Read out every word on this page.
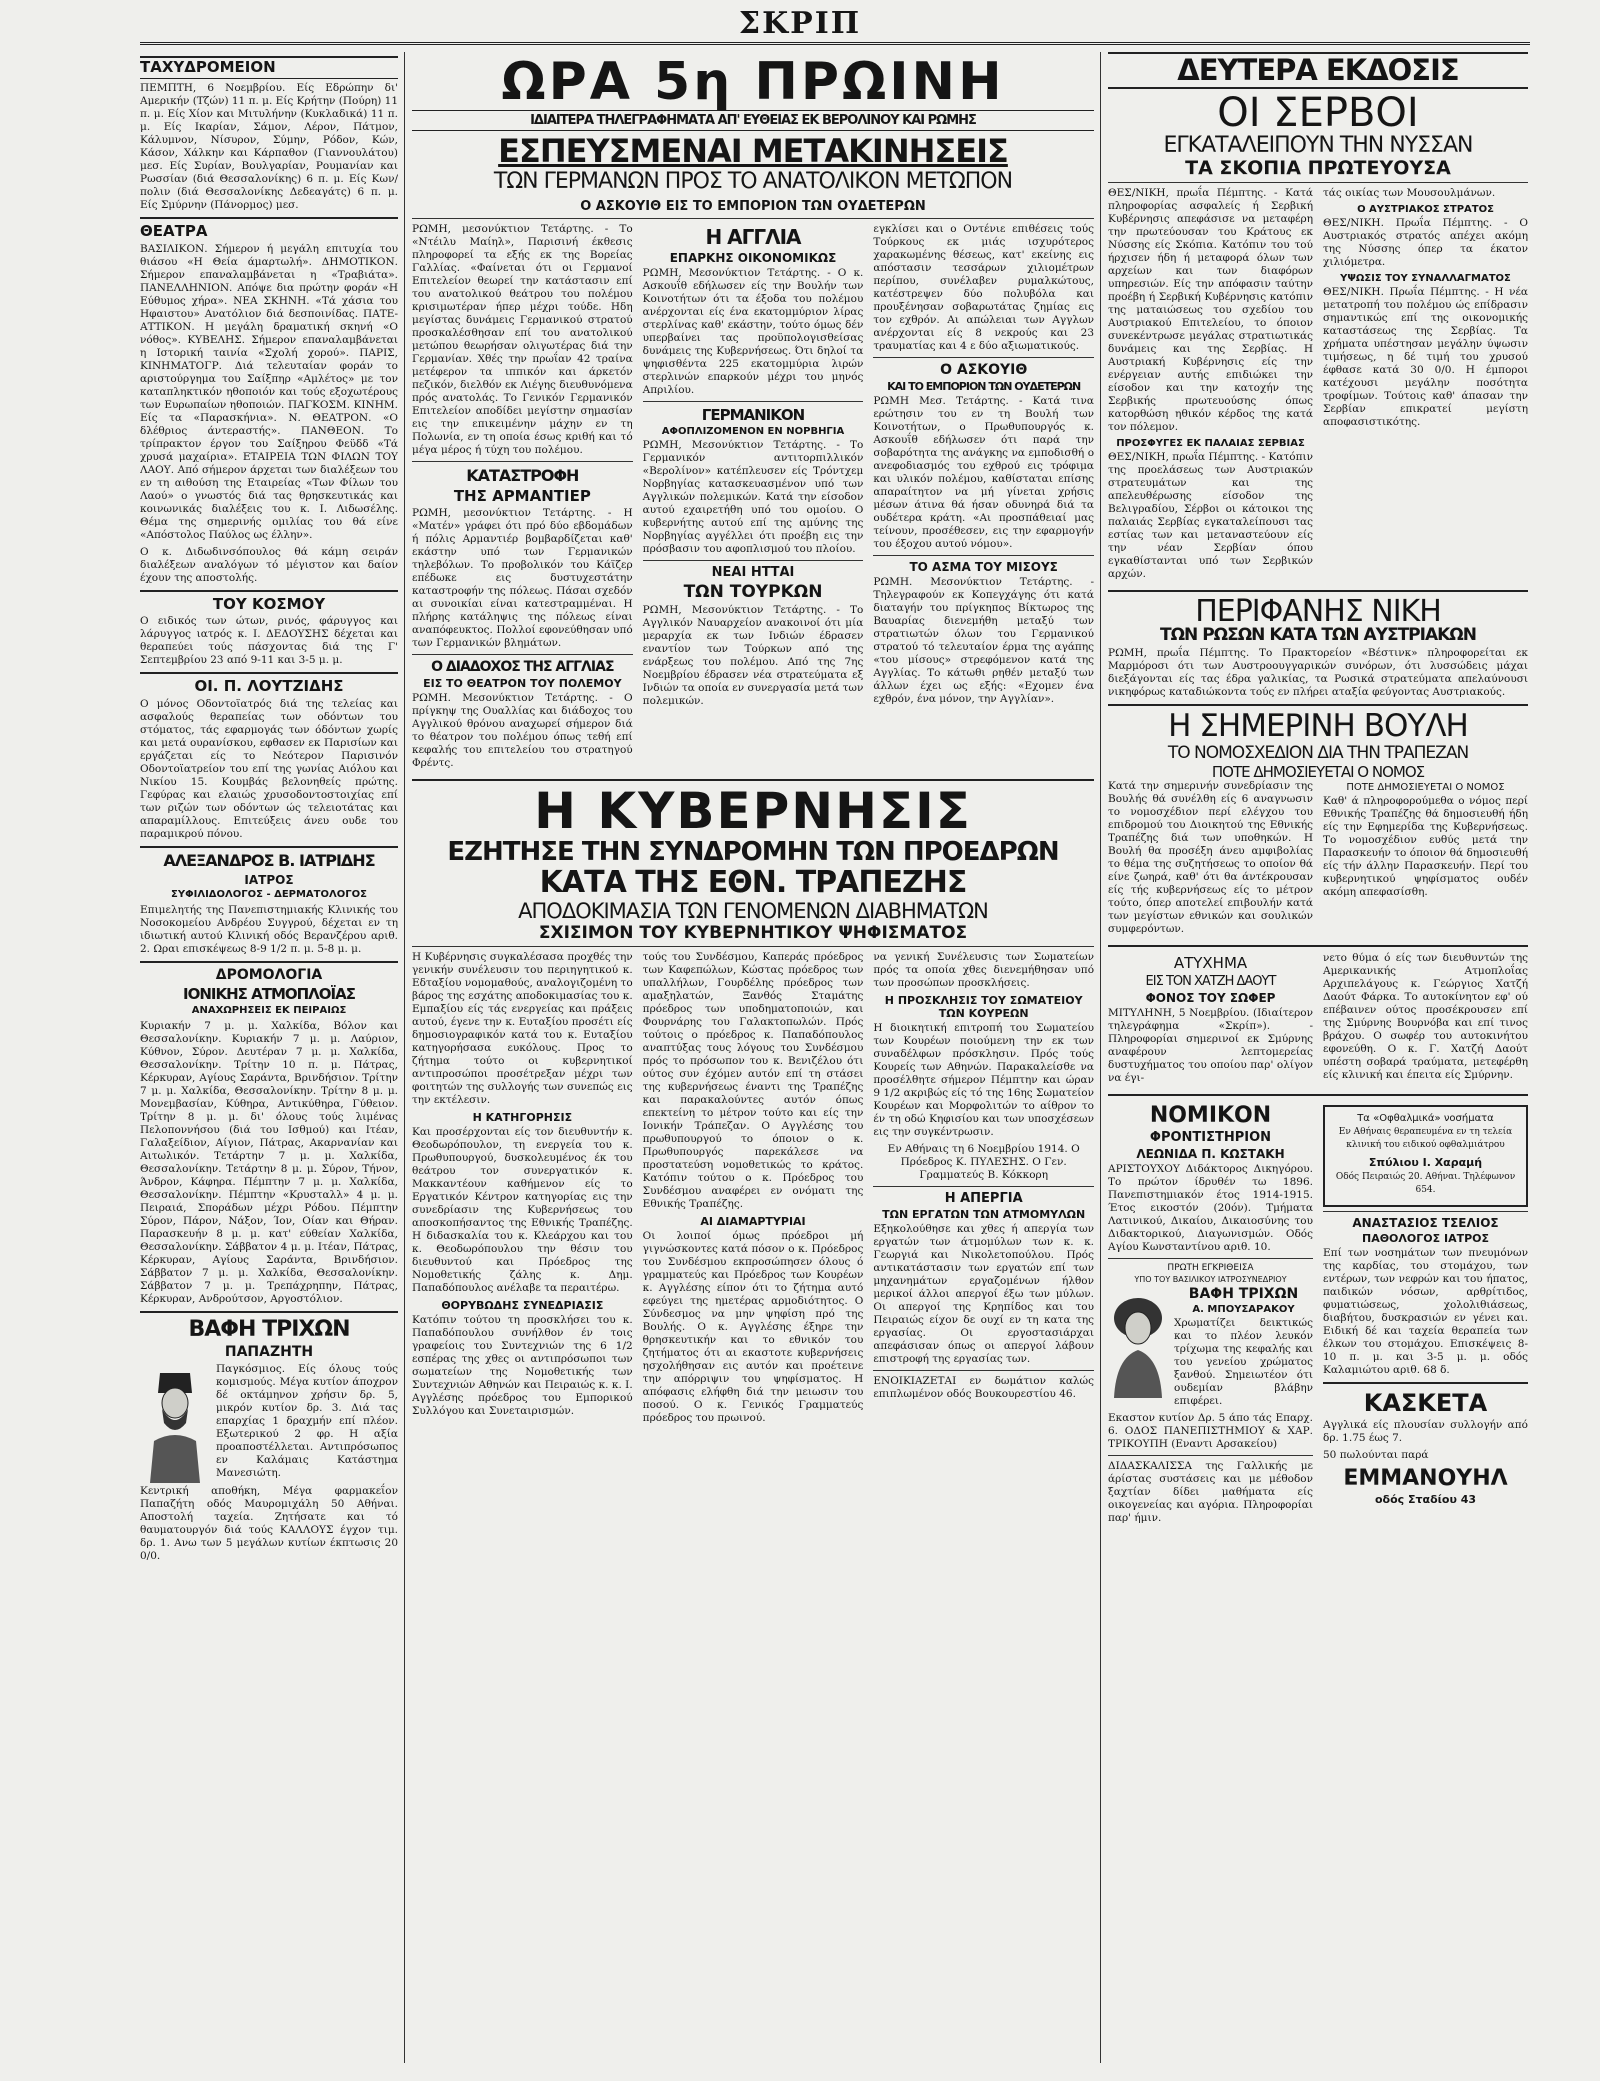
ΣΚΡΙΠ
ΤΑΧΥΔΡΟΜΕΙΟΝ

ΠΕΜΠΤΗ, 6 Νοεμβρίου. Είς Εδρώπην δι' Αμερικήν (Τζών) 11 π. μ. Είς Κρήτην (Πούρη) 11 π. μ. Είς Χίον και Μιτυλήνην (Κυκλαδικά) 11 π. μ. Είς Ικαρίαν, Σάμον, Λέρον, Πάτμον, Κάλυμνον, Νίσυρον, Σύμην, Ρόδον, Κών, Κάσον, Χάλκην και Κάρπαθον (Γιαννουλάτου) μεσ. Είς Συρίαν, Βουλγαρίαν, Ρουμανίαν και Ρωσσίαν (διά Θεσσαλονίκης) 6 π. μ. Είς Κων/πολιν (διά Θεσσαλονίκης Δεδεαγάτς) 6 π. μ. Είς Σμύρνην (Πάνορμος) μεσ.

ΘΕΑΤΡΑ

ΒΑΣΙΛΙΚΟΝ. Σήμερον ή μεγάλη επιτυχία του θιάσου «Η Θεία άμαρτωλή». ΔΗΜΟΤΙΚΟΝ. Σήμερον επαναλαμβάνεται η «Τραβιάτα». ΠΑΝΕΛΛΗΝΙΟΝ. Απόψε δια πρώτην φοράν «Η Εύθυμος χήρα». ΝΕΑ ΣΚΗΝΗ. «Τά χάσια του Ηφαιστου» Ανατόλιον διά δεσποινίδας. ΠΑΤΕ-ΑΤΤΙΚΟΝ. Η μεγάλη δραματική σκηνή «Ο νόθος». ΚΥΒΕΛΗΣ. Σήμερον επαναλαμβάνεται η Ιστορική ταινία «Σχολή χορού». ΠΑΡΙΣ, ΚΙΝΗΜΑΤΟΓΡ. Διά τελευταίαν φοράν το αριστούργημα του Σαίξπηρ «Αμλέτος» με τον καταπληκτικόν ηθοποιόν και τούς εξοχωτέρους των Ευρωπαίων ηθοποιών. ΠΑΓΚΟΣΜ. ΚΙΝΗΜ. Είς τα «Παρασκήνια». Ν. ΘΕΑΤΡΟΝ. «Ο δλέθριος άντεραστής». ΠΑΝΘΕΟΝ. Το τρίπρακτον έργον του Σαίξηρου Φεϋδδ «Τά χρυσά μαχαίρια». ΕΤΑΙΡΕΙΑ ΤΩΝ ΦΙΛΩΝ ΤΟΥ ΛΑΟΥ. Από σήμερον άρχεται των διαλέξεων του εν τη αιθούση της Εταιρείας «Των Φίλων του Λαού» ο γνωστός διά τας θρησκευτικάς και κοινωνικάς διαλέξεις του κ. Ι. Λιδωσέλης. Θέμα της σημερινής ομιλίας του θά είνε «Απόστολος Παύλος ως έλλην».

Ο κ. Διδωδινσόπουλος θά κάμη σειράν διαλέξεων αναλόγων τό μέγιστον και δαίον έχουν της αποστολής.

ΤΟΥ ΚΟΣΜΟΥ

Ο ειδικός των ώτων, ρινός, φάρυγγος και λάρυγγος ιατρός κ. Ι. ΔΕΔΟΥΣΗΣ δέχεται και θεραπεύει τούς πάσχοντας διά της Γ' Σεπτεμβρίου 23 από 9-11 και 3-5 μ. μ.

ΟΙ. Π. ΛΟΥΤΖΙΔΗΣ

Ο μόνος Οδοντοϊατρός διά της τελείας και ασφαλούς θεραπείας των οδόντων του στόματος, τάς εφαρμογάς των όδόντων χωρίς και μετά ουρανίσκου, εφθασεν εκ Παρισίων και εργάζεται είς το Νεότερον Παρισινόν Οδοντοϊατρείον του επί της γωνίας Αιόλου και Νικίου 15. Κουμβάς βελονηθείς πρώτης. Γεφύρας και ελαιώς χρυσοδοντοστοιχίας επί των ριζών των οδόντων ώς τελειοτάτας και απαραμίλλους. Επιτεύξεις άνευ ουδε του παραμικρού πόνου.

ΑΛΕΞΑΝΔΡΟΣ Β. ΙΑΤΡΙΔΗΣ
ΙΑΤΡΟΣ
ΣΥΦΙΛΙΔΟΛΟΓΟΣ - ΔΕΡΜΑΤΟΛΟΓΟΣ

Επιμελητής της Πανεπιστημιακής Κλινικής του Νοσοκομείου Ανδρέου Συγγρού, δέχεται εν τη ιδιωτική αυτού Κλινική οδός Βερανζέρου αριθ. 2. Ωραι επισκέψεως 8-9 1/2 π. μ. 5-8 μ. μ.

ΔΡΟΜΟΛΟΓΙΑ
ΙΟΝΙΚΗΣ ΑΤΜΟΠΛΟΪΑΣ
ΑΝΑΧΩΡΗΣΕΙΣ ΕΚ ΠΕΙΡΑΙΩΣ

Κυριακήν 7 μ. μ. Χαλκίδα, Βόλον και Θεσσαλονίκην. Κυριακήν 7 μ. μ. Λαύριον, Κύθνον, Σύρον. Δευτέραν 7 μ. μ. Χαλκίδα, Θεσσαλονίκην. Τρίτην 10 π. μ. Πάτρας, Κέρκυραν, Αγίους Σαράντα, Βρινδήσιον. Τρίτην 7 μ. μ. Χαλκίδα, Θεσσαλονίκην. Τρίτην 8 μ. μ. Μονεμβασίαν, Κύθηρα, Αντικύθηρα, Γύθειον. Τρίτην 8 μ. μ. δι' όλους τούς λιμένας Πελοποννήσου (διά του Ισθμού) και Ιτέαν, Γαλαξείδιον, Αίγιον, Πάτρας, Ακαρνανίαν και Αιτωλικόν. Τετάρτην 7 μ. μ. Χαλκίδα, Θεσσαλονίκην. Τετάρτην 8 μ. μ. Σύρον, Τήνον, Άνδρον, Κάφηρα. Πέμπτην 7 μ. μ. Χαλκίδα, Θεσσαλονίκην. Πέμπτην «Κρυσταλλ» 4 μ. μ. Πειραιά, Σποράδων μέχρι Ρόδου. Πέμπτην Σύρον, Πάρον, Νάξον, Ίον, Οίαν και Θήραν. Παρασκευήν 8 μ. μ. κατ' εύθείαν Χαλκίδα, Θεσσαλονίκην. Σάββατον 4 μ. μ. Ιτέαν, Πάτρας, Κέρκυραν, Αγίους Σαράντα, Βρινδήσιον. Σάββατον 7 μ. μ. Χαλκίδα, Θεσσαλονίκην. Σάββατον 7 μ. μ. Τρεπάχρηπην, Πάτρας, Κέρκυραν, Ανδρούτσον, Αργοστόλιον.

ΒΑΦΗ ΤΡΙΧΩΝ
ΠΑΠΑΖΗΤΗ

Παγκόσμιος. Είς όλους τούς κομισμούς. Μέγα κυτίον άποχρον δέ οκτάμηνον χρήσιν δρ. 5, μικρόν κυτίον δρ. 3. Διά τας επαρχίας 1 δραχμήν επί πλέον. Εξωτερικού 2 φρ. Η αξία προαποστέλλεται. Αντιπρόσωπος εν Καλάμαις Κατάστημα Μανεσιώτη.

Κεντρική αποθήκη, Μέγα φαρμακεΐον Παπαζήτη οδός Μαυρομιχάλη 50 Αθήναι. Αποστολή ταχεία. Ζητήσατε και τό θαυματουργόν διά τούς ΚΑΛΛΟΥΣ έγχον τιμ. δρ. 1. Ανω των 5 μεγάλων κυτίων έκπτωσις 20 0/0.

ΩΡΑ 5η ΠΡΩΙΝΗ
ΙΔΙΑΙΤΕΡΑ ΤΗΛΕΓΡΑΦΗΜΑΤΑ ΑΠ' ΕΥΘΕΙΑΣ ΕΚ ΒΕΡΟΛΙΝΟΥ ΚΑΙ ΡΩΜΗΣ
ΕΣΠΕΥΣΜΕΝΑΙ ΜΕΤΑΚΙΝΗΣΕΙΣ
ΤΩΝ ΓΕΡΜΑΝΩΝ ΠΡΟΣ ΤΟ ΑΝΑΤΟΛΙΚΟΝ ΜΕΤΩΠΟΝ
Ο ΑΣΚΟΥΙΘ ΕΙΣ ΤΟ ΕΜΠΟΡΙΟΝ ΤΩΝ ΟΥΔΕΤΕΡΩΝ

ΡΩΜΗ, μεσονύκτιον Τετάρτης. - Το «Ντέιλυ Μαίηλ», Παρισινή έκθεσις πληροφορεί τα εξής εκ της Βορείας Γαλλίας. «Φαίνεται ότι οι Γερμανοί Επιτελείον θεωρεί την κατάστασιν επί του ανατολικού θεάτρου του πολέμου κρισιμωτέραν ήπερ μέχρι τούδε. Ηδη μεγίστας δυνάμεις Γερμανικού στρατού προσκαλέσθησαν επί του ανατολικού μετώπου θεωρήσαν ολιγωτέρας διά την Γερμανίαν. Χθές την πρωΐαν 42 τραίνα μετέφερον τα ιππικόν και άρκετόν πεζικόν, διελθόν εκ Λιέγης διευθυνόμενα πρός ανατολάς. Το Γενικόν Γερμανικόν Επιτελείον αποδίδει μεγίστην σημασίαν εις την επικειμένην μάχην εν τη Πολωνία, εν τη οποία έσως κριθή και τό μέγα μέρος ή τύχη του πολέμου.

ΚΑΤΑΣΤΡΟΦΗ
ΤΗΣ ΑΡΜΑΝΤΙΕΡ

ΡΩΜΗ, μεσονύκτιον Τετάρτης. - Η «Ματέν» γράφει ότι πρό δύο εβδομάδων ή πόλις Αρμαντιέρ βομβαρδίζεται καθ' εκάστην υπό των Γερμανικών τηλεβόλων. Το προβολικόν του Κάϊζερ επέδωκε εις δυστυχεστάτην καταστροφήν της πόλεως. Πάσαι σχεδόν αι συνοικίαι είναι κατεστραμμέναι. Η πλήρης κατάληψις της πόλεως είναι αναπόφευκτος. Πολλοί εφονεύθησαν υπό των Γερμανικών βλημάτων.

Ο ΔΙΑΔΟΧΟΣ ΤΗΣ ΑΓΓΛΙΑΣ
ΕΙΣ ΤΟ ΘΕΑΤΡΟΝ ΤΟΥ ΠΟΛΕΜΟΥ

ΡΩΜΗ. Μεσονύκτιον Τετάρτης. - Ο πρίγκηψ της Ουαλλίας και διάδοχος του Αγγλικού θρόνου αναχωρεί σήμερον διά το θέατρον του πολέμου όπως τεθή επί κεφαλής του επιτελείου του στρατηγού Φρέντς.

Η ΑΓΓΛΙΑ
ΕΠΑΡΚΗΣ ΟΙΚΟΝΟΜΙΚΩΣ

ΡΩΜΗ, Μεσονύκτιον Τετάρτης. - Ο κ. Ασκουΐθ εδήλωσεν είς την Βουλήν των Κοινοτήτων ότι τα έξοδα του πολέμου ανέρχονται είς ένα εκατομμύριον λίρας στερλίνας καθ' εκάστην, τούτο όμως δέν υπερβαίνει τας προϋπολογισθείσας δυνάμεις της Κυβερνήσεως. Ότι δηλοί τα ψηφισθέντα 225 εκατομμύρια λιρών στερλινών επαρκούν μέχρι του μηνός Απριλίου.

ΓΕΡΜΑΝΙΚΟΝ
ΑΦΟΠΛΙΖΟΜΕΝΟΝ ΕΝ ΝΟΡΒΗΓΙΑ

ΡΩΜΗ, Μεσονύκτιον Τετάρτης. - Το Γερμανικόν αντιτορπιλλικόν «Βερολίνον» κατέπλευσεν είς Τρόντχεμ Νορβηγίας κατασκευασμένον υπό των Αγγλικών πολεμικών. Κατά την είσοδον αυτού εχαιρετήθη υπό του ομοίου. Ο κυβερνήτης αυτού επί της αμύνης της Νορβηγίας αγγέλλει ότι προέβη εις την πρόσβασιν του αφοπλισμού του πλοίου.

ΝΕΑΙ ΗΤΤΑΙ
ΤΩΝ ΤΟΥΡΚΩΝ

ΡΩΜΗ, Μεσονύκτιον Τετάρτης. - Το Αγγλικόν Ναυαρχείον ανακοινοί ότι μία μεραρχία εκ των Ινδιών έδρασεν εναντίον των Τούρκων από της ενάρξεως του πολέμου. Από της 7ης Νοεμβρίου έδρασεν νέα στρατεύματα εξ Ινδιών τα οποία εν συνεργασία μετά των πολεμικών.

εγκλίσει και ο Οντένιε επιθέσεις τούς Τούρκους εκ μιάς ισχυρότερος χαρακωμένης θέσεως, κατ' εκείνης εις απόστασιν τεσσάρων χιλιομέτρων περίπου, συνέλαβεν ρυμαλκώτους, κατέστρεψεν δύο πολυβόλα και προυξένησαν σοβαρωτάτας ζημίας εις τον εχθρόν. Αι απώλειαι των Αγγλων ανέρχονται είς 8 νεκρούς και 23 τραυματίας και 4 ε δύο αξιωματικούς.

Ο ΑΣΚΟΥΙΘ
ΚΑΙ ΤΟ ΕΜΠΟΡΙΟΝ ΤΩΝ ΟΥΔΕΤΕΡΩΝ

ΡΩΜΗ Μεσ. Τετάρτης. - Κατά τινα ερώτησιν του εν τη Βουλή των Κοινοτήτων, ο Πρωθυπουργός κ. Ασκουΐθ εδήλωσεν ότι παρά την σοβαρότητα της ανάγκης να εμποδισθή ο ανεφοδιασμός του εχθρού εις τρόφιμα και υλικόν πολέμου, καθίσταται επίσης απαραίτητον να μή γίνεται χρήσις μέσων άτινα θά ήσαν οδυνηρά διά τα ουδέτερα κράτη. «Αι προσπάθειαί μας τείνουν, προσέθεσεν, εις την εφαρμογήν του έξοχου αυτού νόμου».

ΤΟ ΑΣΜΑ ΤΟΥ ΜΙΣΟΥΣ

ΡΩΜΗ. Μεσονύκτιον Τετάρτης. - Τηλεγραφούν εκ Κοπεγχάγης ότι κατά διαταγήν του πρίγκηπος Βίκτωρος της Βαυαρίας διενεμήθη μεταξύ των στρατιωτών όλων του Γερμανικού στρατού τό τελευταίον έρμα της αγάπης «του μίσους» στρεφόμενον κατά της Αγγλίας. Το κάτωθι ρηθέν μεταξύ των άλλων έχει ως εξής: «Εχομεν ένα εχθρόν, ένα μόνον, την Αγγλίαν».

Η ΚΥΒΕΡΝΗΣΙΣ
ΕΖΗΤΗΣΕ ΤΗΝ ΣΥΝΔΡΟΜΗΝ ΤΩΝ ΠΡΟΕΔΡΩΝ
ΚΑΤΑ ΤΗΣ ΕΘΝ. ΤΡΑΠΕΖΗΣ
ΑΠΟΔΟΚΙΜΑΣΙΑ ΤΩΝ ΓΕΝΟΜΕΝΩΝ ΔΙΑΒΗΜΑΤΩΝ
ΣΧΙΣΙΜΟΝ ΤΟΥ ΚΥΒΕΡΝΗΤΙΚΟΥ ΨΗΦΙΣΜΑΤΟΣ

Η Κυβέρνησις συγκαλέσασα προχθές την γενικήν συνέλευσιν του περιηγητικού κ. Εδταξίου νομομαθούς, αναλογιζομένη το βάρος της εσχάτης αποδοκιμασίας του κ. Εμπαξίου είς τάς ενεργείας και πράξεις αυτού, έγενε την κ. Ευταξίου προσέτι είς δημοσιογραφικόν κατά του κ. Ευταξίου κατηγορήσασα ευκόλους. Προς το ζήτημα τούτο οι κυβερνητικοί αντιπροσώποι προσέτρεξαν μέχρι των φοιτητών της συλλογής των συνεπώς εις την εκτέλεσιν.

Η ΚΑΤΗΓΟΡΗΣΙΣ

Και προσέρχονται είς τον διευθυντήν κ. Θεοδωρόπουλον, τη ενεργεία του κ. Πρωθυπουργού, δυσκολευμένος έκ του θεάτρου τον συνεργατικόν κ. Μακκαντέουν καθήμενον είς το Εργατικόν Κέντρον κατηγορίας εις την συνεδρίασιν της Κυβερνήσεως του αποσκοπήσαντος της Εθνικής Τραπέζης. Η διδασκαλία του κ. Κλεάρχου και του κ. Θεοδωρόπουλου την θέσιν του διευθυντού και Πρόεδρος της Νομοθετικής ζάλης κ. Δημ. Παπαδόπουλος ανέλαβε τα περαιτέρω.

ΘΟΡΥΒΩΔΗΣ ΣΥΝΕΔΡΙΑΣΙΣ

Κατόπιν τούτου τη προσκλήσει του κ. Παπαδόπουλου συνήλθον έν τοις γραφείοις του Συντεχνιών της 6 1/2 εσπέρας της χθες οι αντιπρόσωποι των σωματείων της Νομοθετικής των Συντεχνιών Αθηνών και Πειραιώς κ. κ. Ι. Αγγλέσης πρόεδρος του Εμπορικού Συλλόγου και Συνεταιρισμών.

τούς του Συνδέσμου, Καπεράς πρόεδρος των Καφεπώλων, Κώστας πρόεδρος των υπαλλήλων, Γουρδέλης πρόεδρος των αμαξηλατών, Ξανθός Σταμάτης πρόεδρος των υποδηματοποιών, και Φουρνάρης του Γαλακτοπωλών. Πρός τούτοις ο πρόεδρος κ. Παπαδόπουλος αναπτύξας τους λόγους του Συνδέσμου πρός το πρόσωπον του κ. Βενιζέλου ότι ούτος συν έχόμεν αυτόν επί τη στάσει της κυβερνήσεως έναντι της Τραπέζης και παρακαλούντες αυτόν όπως επεκτείνη το μέτρον τούτο και είς την Ιονικήν Τράπεζαν. Ο Αγγλέσης του πρωθυπουργού το όποιον ο κ. Πρωθυπουργός παρεκάλεσε να προστατεύση νομοθετικώς το κράτος. Κατόπιν τούτου ο κ. Πρόεδρος του Συνδέσμου αναφέρει εν ονόματι της Εθνικής Τραπέζης.

ΑΙ ΔΙΑΜΑΡΤΥΡΙΑΙ

Οι λοιποί όμως πρόεδροι μή γιγνώσκοντες κατά πόσον ο κ. Πρόεδρος του Συνδέσμου εκπροσώπησεν όλους ό γραμματεύς και Πρόεδρος των Κουρέων κ. Αγγλέσης είπον ότι το ζήτημα αυτό εφεύγει της ημετέρας αρμοδιότητος. Ο Σύνδεσμος να μην ψηφίση πρό της Βουλής. Ο κ. Αγγλέσης έξηρε την θρησκευτικήν και το εθνικόν του ζητήματος ότι αι εκαστοτε κυβερνήσεις ησχολήθησαν εις αυτόν και προέτεινε την απόρριψιν του ψηφίσματος. Η απόφασις ελήφθη διά την μειωσιν του ποσού. Ο κ. Γενικός Γραμματεύς πρόεδρος του πρωινού.

να γενική Συνέλευσις των Σωματείων πρός τα οποία χθες διενεμήθησαν υπό των προσώπων προσκλήσεις.

Η ΠΡΟΣΚΛΗΣΙΣ ΤΟΥ ΣΩΜΑΤΕΙΟΥ ΤΩΝ ΚΟΥΡΕΩΝ

Η διοικητική επιτροπή του Σωματείου των Κουρέων ποιούμενη την εκ των συναδέλφων πρόσκλησιν. Πρός τούς Κουρείς των Αθηνών. Παρακαλείσθε να προσέλθητε σήμερον Πέμπτην και ώραν 9 1/2 ακριβώς είς τό της 16ης Σωματείον Κουρέων και Μορφολιτών το αίθρον το έν τη οδώ Κηφισίου και των υποσχέσεων εις την συγκέντρωσιν.

Εν Αθήναις τη 6 Νοεμβρίου 1914. Ο Πρόεδρος Κ. ΠΥΛΕΣΗΣ. Ο Γεν. Γραμματεύς Β. Κόκκορη

Η ΑΠΕΡΓΙΑ
ΤΩΝ ΕΡΓΑΤΩΝ ΤΩΝ ΑΤΜΟΜΥΛΩΝ

Εξηκολούθησε και χθες ή απεργία των εργατών των άτμομύλων των κ. κ. Γεωργιά και Νικολετοπούλου. Πρός αντικατάστασιν των εργατών επί των μηχανημάτων εργαζομένων ήλθον μερικοί άλλοι απεργοί έξω των μύλων. Οι απεργοί της Κρηπίδος και του Πειραιώς είχον δε ουχί εν τη κατα της εργασίας. Οι εργοστασιάρχαι απεφάσισαν όπως οι απεργοί λάβουν επιστροφή της εργασίας των.

ΕΝΟΙΚΙΑΖΕΤΑΙ εν δωμάτιον καλώς επιπλωμένον οδός Βουκουρεστίου 46.

ΔΕΥΤΕΡΑ ΕΚΔΟΣΙΣ
ΟΙ ΣΕΡΒΟΙ
ΕΓΚΑΤΑΛΕΙΠΟΥΝ ΤΗΝ ΝΥΣΣΑΝ
ΤΑ ΣΚΟΠΙΑ ΠΡΩΤΕΥΟΥΣΑ

ΘΕΣ/ΝΙΚΗ, πρωΐα Πέμπτης. - Κατά πληροφορίας ασφαλείς ή Σερβική Κυβέρνησις απεφάσισε να μεταφέρη την πρωτεύουσαν του Κράτους εκ Νύσσης είς Σκόπια. Κατόπιν του τού ήρχισεν ήδη ή μεταφορά όλων των αρχείων και των διαφόρων υπηρεσιών. Είς την απόφασιν ταύτην προέβη ή Σερβική Κυβέρνησις κατόπιν της ματαιώσεως του σχεδίου του Αυστριακού Επιτελείου, το όποιον συνεκέντρωσε μεγάλας στρατιωτικάς δυνάμεις και της Σερβίας. Η Αυστριακή Κυβέρνησις είς την ενέργειαν αυτής επιδιώκει την είσοδον και την κατοχήν της Σερβικής πρωτευούσης όπως κατορθώση ηθικόν κέρδος της κατά τον πόλεμον.

ΠΡΟΣΦΥΓΕΣ ΕΚ ΠΑΛΑΙΑΣ ΣΕΡΒΙΑΣ

ΘΕΣ/ΝΙΚΗ, πρωΐα Πέμπτης. - Κατόπιν της προελάσεως των Αυστριακών στρατευμάτων και της απελευθέρωσης είσοδον της Βελιγραδίου, Σέρβοι οι κάτοικοι της παλαιάς Σερβίας εγκαταλείπουσι τας εστίας των και μεταναστεύουν είς την νέαν Σερβίαν όπου εγκαθίστανται υπό των Σερβικών αρχών.

τάς οικίας των Μουσουλμάνων.

Ο ΑΥΣΤΡΙΑΚΟΣ ΣΤΡΑΤΟΣ

ΘΕΣ/ΝΙΚΗ. Πρωΐα Πέμπτης. - Ο Αυστριακός στρατός απέχει ακόμη της Νύσσης όπερ τα έκατον χιλιόμετρα.

ΥΨΩΣΙΣ ΤΟΥ ΣΥΝΑΛΛΑΓΜΑΤΟΣ

ΘΕΣ/ΝΙΚΗ. Πρωΐα Πέμπτης. - Η νέα μετατροπή του πολέμου ώς επίδρασιν σημαντικώς επί της οικονομικής καταστάσεως της Σερβίας. Τα χρήματα υπέστησαν μεγάλην ύψωσιν τιμήσεως, η δέ τιμή του χρυσού έφθασε κατά 30 0/0. Η έμποροι κατέχουσι μεγάλην ποσότητα τροφίμων. Τούτοις καθ' άπασαν την Σερβίαν επικρατεί μεγίστη αποφασιστικότης.

ΠΕΡΙΦΑΝΗΣ ΝΙΚΗ
ΤΩΝ ΡΩΣΩΝ ΚΑΤΑ ΤΩΝ ΑΥΣΤΡΙΑΚΩΝ

ΡΩΜΗ, πρωΐα Πέμπτης. Το Πρακτορείον «Βέστινκ» πληροφορείται εκ Μαρμόροσι ότι των Αυστροουγγαρικών συνόρων, ότι λυσσώδεις μάχαι διεξάγονται είς τας έδρα γαλικίας, τα Ρωσικά στρατεύματα απελαύνουσι νικηφόρως καταδιώκοντα τούς εν πλήρει αταξία φεύγοντας Αυστριακούς.

Η ΣΗΜΕΡΙΝΗ ΒΟΥΛΗ
ΤΟ ΝΟΜΟΣΧΕΔΙΟΝ ΔΙΑ ΤΗΝ ΤΡΑΠΕΖΑΝ
ΠΟΤΕ ΔΗΜΟΣΙΕΥΕΤΑΙ Ο ΝΟΜΟΣ

Κατά την σημερινήν συνεδρίασιν της Βουλής θά συνέλθη είς 6 αναγνωσιν το νομοσχέδιον περί ελέγχου του επιδρομού του Διοικητού της Εθνικής Τραπέζης διά των υποθηκών. Η Βουλή θα προσέξη άνευ αμφιβολίας το θέμα της συζητήσεως το οποίον θά είνε ζωηρά, καθ' ότι θα άντέκρουσαν είς τής κυβερνήσεως είς το μέτρον τούτο, όπερ αποτελεί επιβουλήν κατά των μεγίστων εθνικών και σουλικών συμφερόντων.

ΠΟΤΕ ΔΗΜΟΣΙΕΥΕΤΑΙ Ο ΝΟΜΟΣ

Καθ' ά πληροφορούμεθα ο νόμος περί Εθνικής Τραπέζης θά δημοσιευθή ήδη είς την Εφημερίδα της Κυβερνήσεως. Το νομοσχέδιον ευθύς μετά την Παρασκευήν το όποιον θά δημοσιευθή είς τήν άλλην Παρασκευήν. Περί του κυβερνητικού ψηφίσματος ουδέν ακόμη απεφασίσθη.

ΑΤΥΧΗΜΑ
ΕΙΣ ΤΟΝ ΧΑΤΖΗ ΔΑΟΥΤ
ΦΟΝΟΣ ΤΟΥ ΣΩΦΕΡ

ΜΙΤΥΛΗΝΗ, 5 Νοεμβρίου. (Ιδιαίτερον τηλεγράφημα «Σκρίπ»). - Πληροφορίαι σημερινοί εκ Σμύρνης αναφέρουν λεπτομερείας δυστυχήματος του οποίου παρ' ολίγον να έγι-

νετο θύμα ό είς των διευθυντών της Αμερικανικής Ατμοπλοΐας Αρχιπελάγους κ. Γεώργιος Χατζή Δαούτ Φάρκα. Το αυτοκίνητον εφ' ού επέβαινεν ούτος προσέκρουσεν επί της Σμύρνης Βουρνόβα και επί τινος βράχου. Ο σωφέρ του αυτοκινήτου εφονεύθη. Ο κ. Γ. Χατζή Δαούτ υπέστη σοβαρά τραύματα, μετεφέρθη είς κλινική και έπειτα είς Σμύρνην.

ΝΟΜΙΚΟΝ
ΦΡΟΝΤΙΣΤΗΡΙΟΝ
ΛΕΩΝΙΔΑ Π. ΚΩΣΤΑΚΗ

ΑΡΙΣΤΟΥΧΟΥ Διδάκτορος Δικηγόρου. Το πρώτον ίδρυθέν τω 1896. Πανεπιστημιακόν έτος 1914-1915. Έτος εικοστόν (20όν). Τμήματα Λατινικού, Δικαίου, Δικαιοσύνης του Διδακτορικού, Διαγωνισμών. Οδός Αγίου Κωνσταντίνου αριθ. 10.

ΠΡΩΤΗ ΕΓΚΡΙΘΕΙΣΑ
ΥΠΟ ΤΟΥ ΒΑΣΙΛΙΚΟΥ ΙΑΤΡΟΣΥΝΕΔΡΙΟΥ
ΒΑΦΗ ΤΡΙΧΩΝ
Α. ΜΠΟΥΣΑΡΑΚΟΥ

Χρωματίζει δεικτικώς και το πλέον λευκόν τρίχωμα της κεφαλής και του γενείου χρώματος ξανθού. Σημειωτέον ότι ουδεμίαν βλάβην επιφέρει.

Εκαστον κυτίον Δρ. 5 άπο τάς Επαρχ. 6. ΟΔΟΣ ΠΑΝΕΠΙΣΤΗΜΙΟΥ & ΧΑΡ. ΤΡΙΚΟΥΠΗ (Εναντι Αρσακείου)

ΔΙΔΑΣΚΑΛΙΣΣΑ της Γαλλικής με άρίστας συστάσεις και με μέθοδον ξαχτίαν δίδει μαθήματα είς οικογενείας και αγόρια. Πληροφορίαι παρ' ήμιν.

Τα «Οφθαλμικά» νοσήματα

Εν Αθήναις θεραπευμένα εν τη τελεία κλινική του ειδικού οφθαλμιάτρου

Σπύλιου Ι. Χαραμή

Οδός Πειραιώς 20. Αθήναι. Τηλέφωνον 654.

ΑΝΑΣΤΑΣΙΟΣ ΤΣΕΛΙΟΣ
ΠΑΘΟΛΟΓΟΣ ΙΑΤΡΟΣ

Επί των νοσημάτων των πνευμόνων της καρδίας, του στομάχου, των εντέρων, των νεφρών και του ήπατος, παιδικών νόσων, αρθρίτιδος, φυματιώσεως, χολολιθιάσεως, διαβήτου, δυσκρασιών εν γένει και. Ειδική δέ και ταχεία θεραπεία των έλκων του στομάχου. Επισκέψεις 8-10 π. μ. και 3-5 μ. μ. οδός Καλαμιώτου αριθ. 68 δ.

ΚΑΣΚΕΤΑ

Αγγλικά είς πλουσίαν συλλογήν από δρ. 1.75 έως 7.

50 πωλούνται παρά

ΕΜΜΑΝΟΥΗΛ
οδός Σταδίου 43
